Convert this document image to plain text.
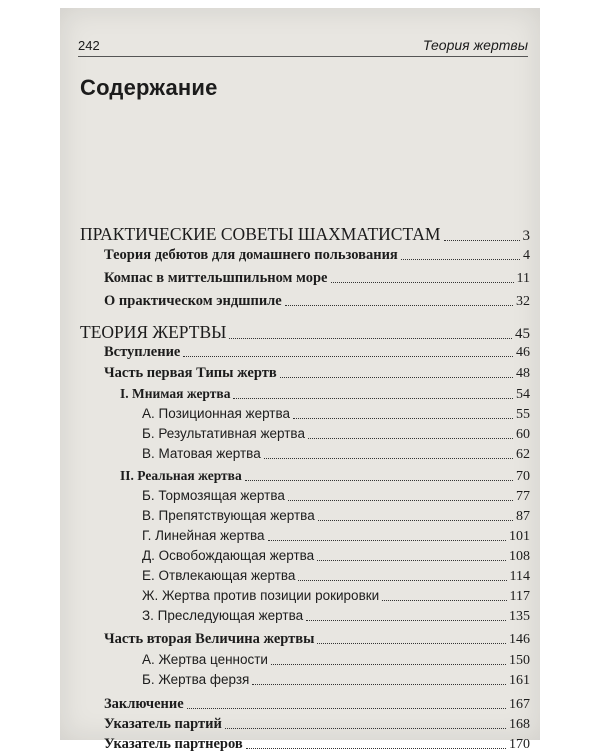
242	Теория жертвы
Содержание
ПРАКТИЧЕСКИЕ СОВЕТЫ ШАХМАТИСТАМ	3
Теория дебютов для домашнего пользования	4
Компас в миттельшпильном море	11
О практическом эндшпиле	32
ТЕОРИЯ ЖЕРТВЫ	45
Вступление	46
Часть первая Типы жертв	48
I. Мнимая жертва	54
А. Позиционная жертва	55
Б. Результативная жертва	60
В. Матовая жертва	62
II. Реальная жертва	70
Б. Тормозящая жертва	77
В. Препятствующая жертва	87
Г. Линейная жертва	101
Д. Освобождающая жертва	108
Е. Отвлекающая жертва	114
Ж. Жертва против позиции рокировки	117
З. Преследующая жертва	135
Часть вторая Величина жертвы	146
А. Жертва ценности	150
Б. Жертва ферзя	161
Заключение	167
Указатель партий	168
Указатель партнеров	170
